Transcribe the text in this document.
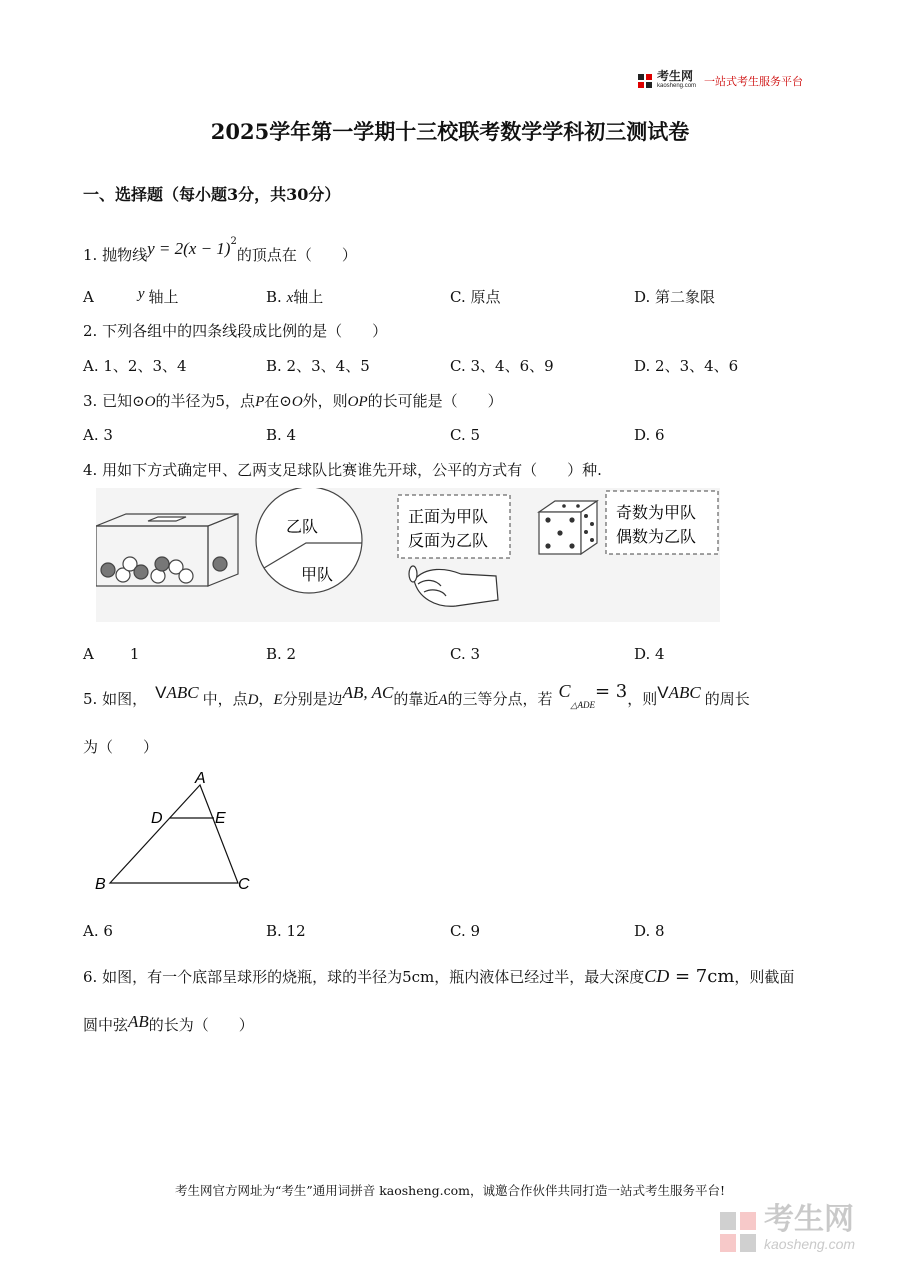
考生网
kaosheng.com 一站式考生服务平台
2025学年第一学期十三校联考数学学科初三测试卷
一、选择题（每小题3分，共30分）
1. 抛物线$y = 2(x - 1)^2$的顶点在（　　）
A	y 轴上	B. x轴上	C. 原点	D. 第二象限
2. 下列各组中的四条线段成比例的是（　　）
A. 1、2、3、4	B. 2、3、4、5	C. 3、4、6、9	D. 2、3、4、6
3. 已知⊙O的半径为5，点P在⊙O外，则OP的长可能是（　　）
A. 3	B. 4	C. 5	D. 6
4. 用如下方式确定甲、乙两支足球队比赛谁先开球，公平的方式有（　　）种.
乙队
甲队
正面为甲队
反面为乙队
奇数为甲队
偶数为乙队
A 1	B. 2	C. 3	D. 4
5. 如图， VABC 中，点D，E分别是边AB, AC的靠近A的三等分点，若 $C_{\triangle ADE}= 3$，则VABC 的周长
为（　　）
A
D	E
B	C
A. 6	B. 12	C. 9	D. 8
6. 如图，有一个底部呈球形的烧瓶，球的半径为5cm，瓶内液体已经过半，最大深度CD = 7cm，则截面
圆中弦AB的长为（　　）
考生网官方网址为“考生”通用词拼音 kaosheng.com，诚邀合作伙伴共同打造一站式考生服务平台!
考生网
kaosheng.com
